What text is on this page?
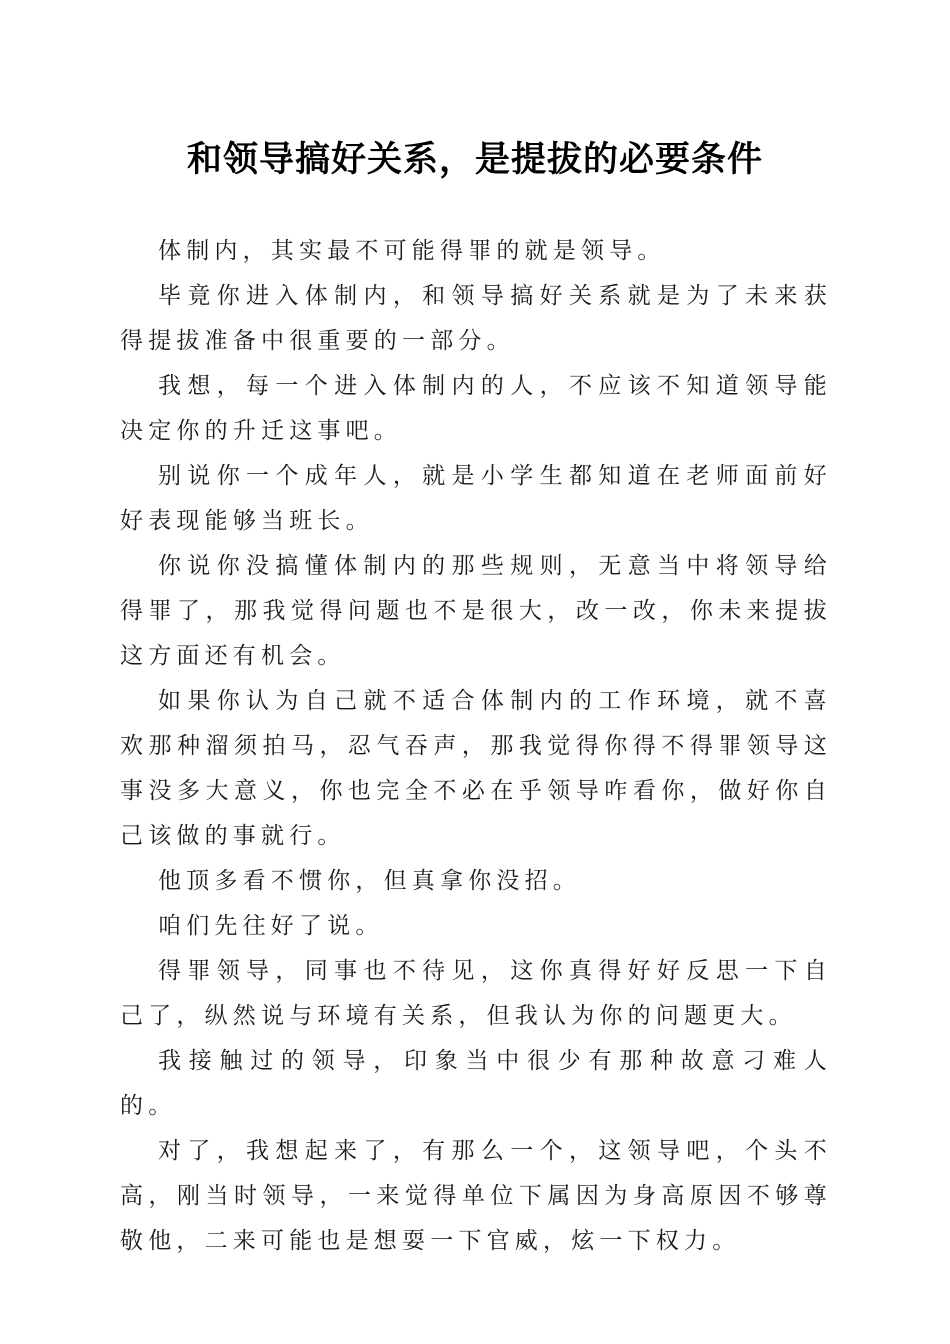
和领导搞好关系，是提拔的必要条件

体制内，其实最不可能得罪的就是领导。

毕竟你进入体制内，和领导搞好关系就是为了未来获得提拔准备中很重要的一部分。

我想，每一个进入体制内的人，不应该不知道领导能决定你的升迁这事吧。

别说你一个成年人，就是小学生都知道在老师面前好好表现能够当班长。

你说你没搞懂体制内的那些规则，无意当中将领导给得罪了，那我觉得问题也不是很大，改一改，你未来提拔这方面还有机会。

如果你认为自己就不适合体制内的工作环境，就不喜欢那种溜须拍马，忍气吞声，那我觉得你得不得罪领导这事没多大意义，你也完全不必在乎领导咋看你，做好你自己该做的事就行。

他顶多看不惯你，但真拿你没招。

咱们先往好了说。

得罪领导，同事也不待见，这你真得好好反思一下自己了，纵然说与环境有关系，但我认为你的问题更大。

我接触过的领导，印象当中很少有那种故意刁难人的。

对了，我想起来了，有那么一个，这领导吧，个头不高，刚当时领导，一来觉得单位下属因为身高原因不够尊敬他，二来可能也是想耍一下官威，炫一下权力。
